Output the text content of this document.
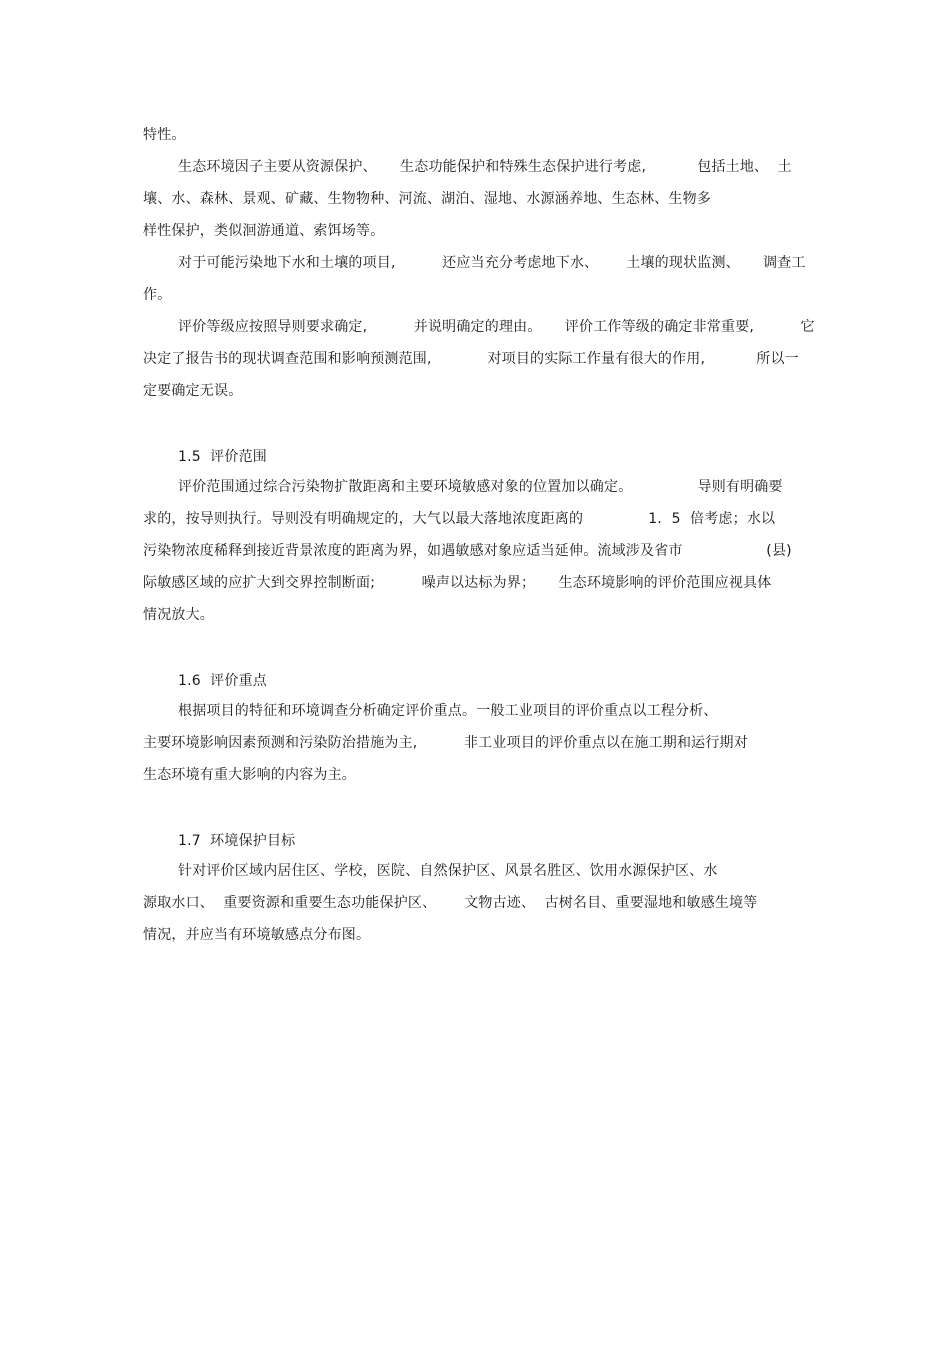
特性。
生态环境因子主要从资源保护、     生态功能保护和特殊生态保护进行考虑,           包括土地、  土
壤、水、森林、景观、矿藏、生物物种、河流、湖泊、湿地、水源涵养地、生态林、生物多
样性保护，类似洄游通道、索饵场等。
对于可能污染地下水和土壤的项目,          还应当充分考虑地下水、      土壤的现状监测、     调查工
作。
评价等级应按照导则要求确定,          并说明确定的理由。     评价工作等级的确定非常重要,          它
决定了报告书的现状调查范围和影响预测范围,            对项目的实际工作量有很大的作用,           所以一
定要确定无误。
1.5  评价范围
评价范围通过综合污染物扩散距离和主要环境敏感对象的位置加以确定。              导则有明确要
求的，按导则执行。导则没有明确规定的，大气以最大落地浓度距离的              1．5  倍考虑；水以
污染物浓度稀释到接近背景浓度的距离为界，如遇敏感对象应适当延伸。流域涉及省市                  (县)
际敏感区域的应扩大到交界控制断面;          噪声以达标为界；     生态环境影响的评价范围应视具体
情况放大。
1.6  评价重点
根据项目的特征和环境调查分析确定评价重点。一般工业项目的评价重点以工程分析、
主要环境影响因素预测和污染防治措施为主,          非工业项目的评价重点以在施工期和运行期对
生态环境有重大影响的内容为主。
1.7  环境保护目标
针对评价区域内居住区、学校，医院、自然保护区、风景名胜区、饮用水源保护区、水
源取水口、  重要资源和重要生态功能保护区、      文物古迹、  古树名目、重要湿地和敏感生境等
情况，并应当有环境敏感点分布图。
